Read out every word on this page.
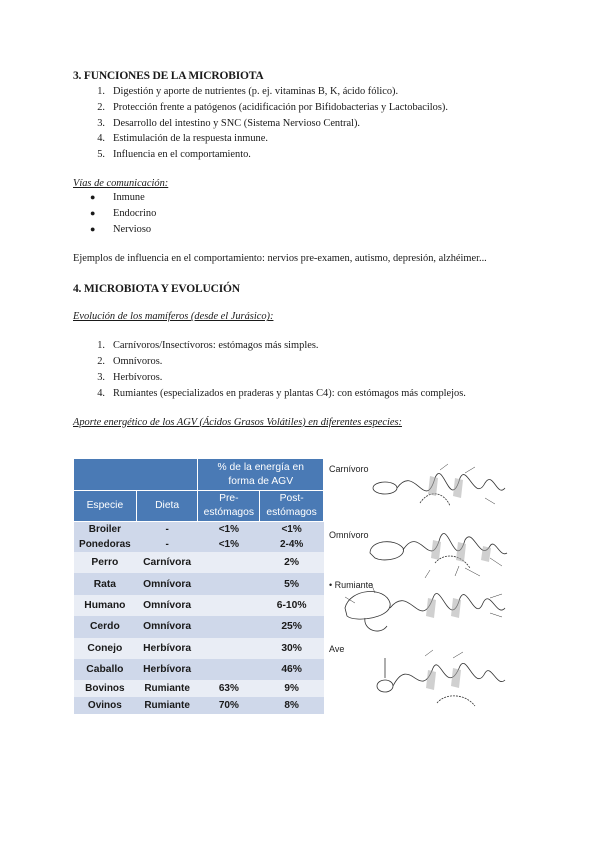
3. FUNCIONES DE LA MICROBIOTA
1. Digestión y aporte de nutrientes (p. ej. vitaminas B, K, ácido fólico).
2. Protección frente a patógenos (acidificación por Bifidobacterias y Lactobacilos).
3. Desarrollo del intestino y SNC (Sistema Nervioso Central).
4. Estimulación de la respuesta inmune.
5. Influencia en el comportamiento.

Vías de comunicación:

●	Inmune
●	Endocrino
●	Nervioso

Ejemplos de influencia en el comportamiento: nervios pre-examen, autismo, depresión, alzhéimer...

4. MICROBIOTA Y EVOLUCIÓN

Evolución de los mamíferos (desde el Jurásico):

1. Carnívoros/Insectívoros: estómagos más simples.
2. Omnívoros.
3. Herbívoros.
4. Rumiantes (especializados en praderas y plantas C4): con estómagos más complejos.

Aporte energético de los AGV (Ácidos Grasos Volátiles) en diferentes especies:

		% de la energía en forma de AGV	
Especie	Dieta	Pre-estómagos	Post-estómagos
Broiler	-	<1%	<1%
Ponedoras	-	<1%	2-4%
Perro	Carnívora		2%
Rata	Omnívora		5%
Humano	Omnívora		6-10%
Cerdo	Omnívora		25%
Conejo	Herbívora		30%
Caballo	Herbívora		46%
Bovinos	Rumiante	63%	9%
Ovinos	Rumiante	70%	8%
Carnívoro
Omnívoro
• Rumiante
Ave
